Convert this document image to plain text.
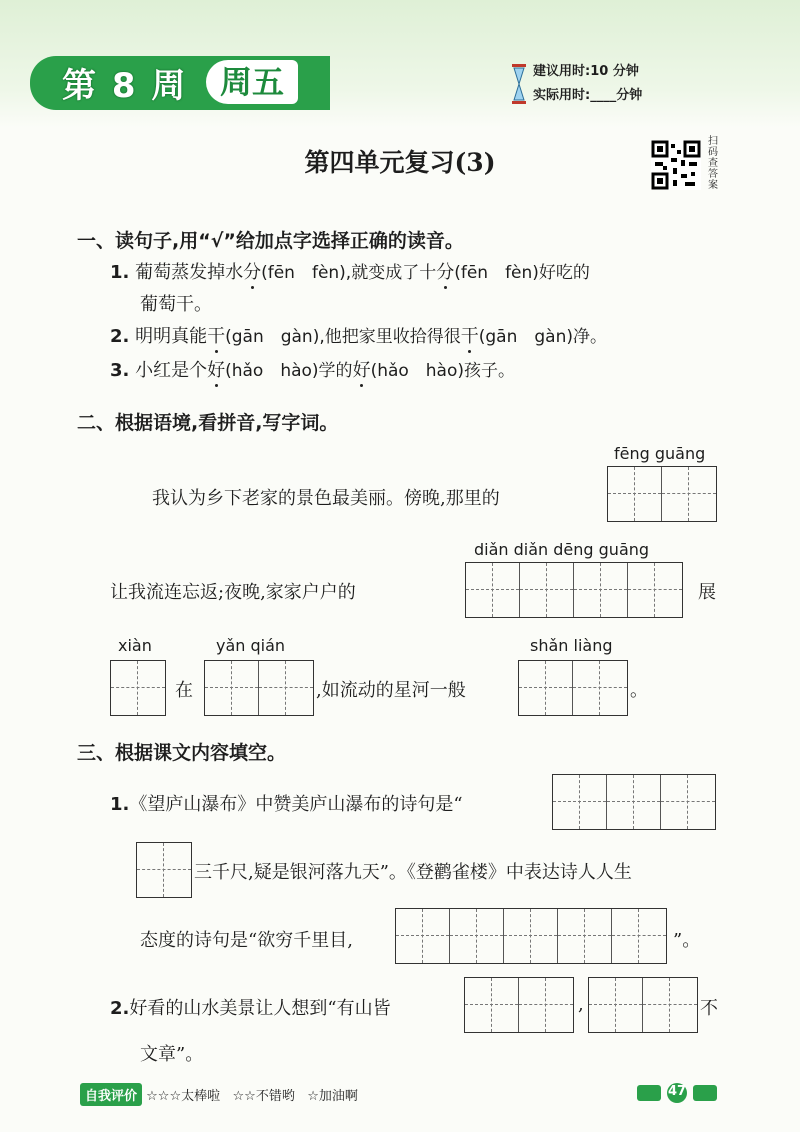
第 8 周	周五	建议用时:10 分钟
实际用时:____分钟
扫码查答案
第四单元复习(3)
一、读句子,用“√”给加点字选择正确的读音。
1. 葡萄蒸发掉水分(fēn　fèn),就变成了十分(fēn　fèn)好吃的
葡萄干。
2. 明明真能干(gān　gàn),他把家里收拾得很干(gān　gàn)净。
3. 小红是个好(hǎo　hào)学的好(hǎo　hào)孩子。
二、根据语境,看拼音,写字词。
fēng guāng
我认为乡下老家的景色最美丽。傍晚,那里的
diǎn diǎn dēng guāng
让我流连忘返;夜晚,家家户户的	展
xiàn	yǎn qián	shǎn liàng
在	,如流动的星河一般	。
三、根据课文内容填空。
1.《望庐山瀑布》中赞美庐山瀑布的诗句是“
三千尺,疑是银河落九天”。《登鹳雀楼》中表达诗人人生
态度的诗句是“欲穷千里目,	”。
2.好看的山水美景让人想到“有山皆	,	不
文章”。
自我评价 ☆☆☆太棒啦 ☆☆不错哟 ☆加油啊	47
